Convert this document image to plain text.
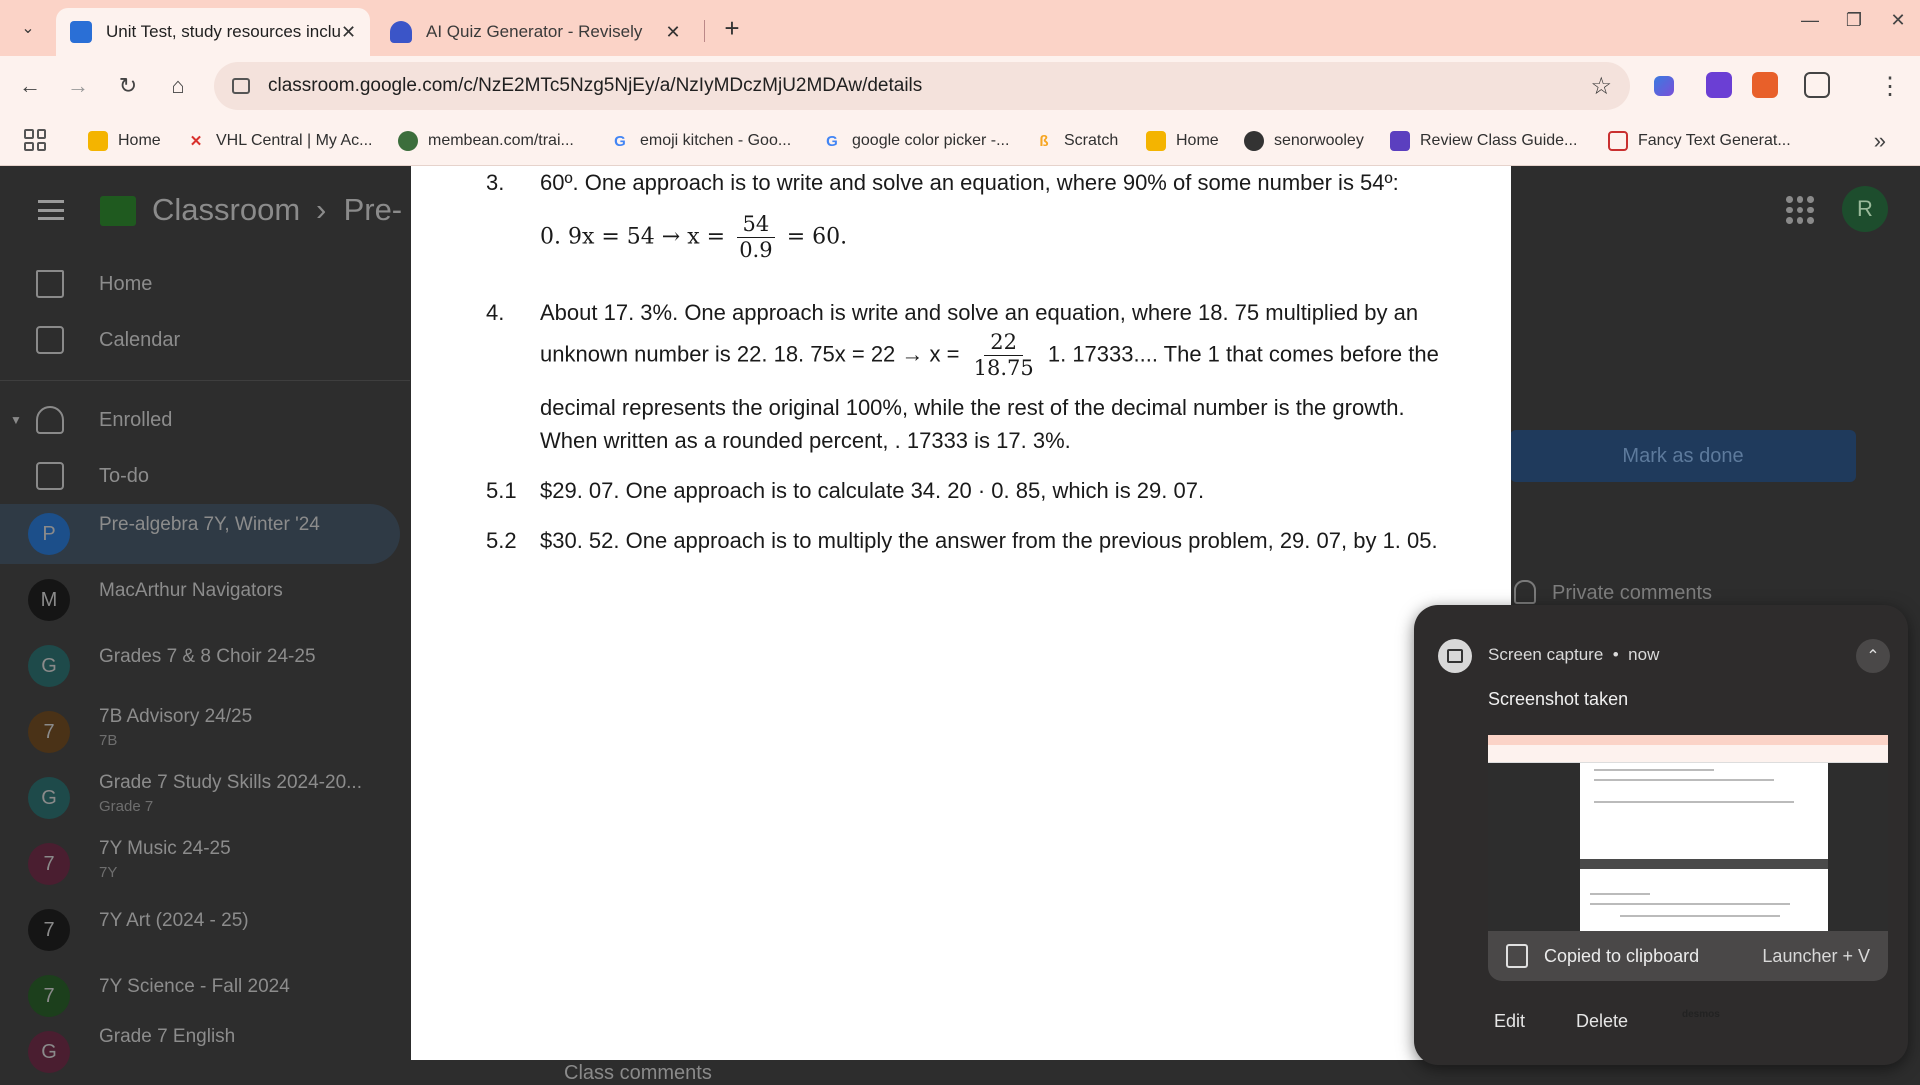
⌄	Unit Test, study resources inclu ✕	AI Quiz Generator - Revisely	✕	+	—	❐	✕
← →	↻	⌂	classroom.google.com/c/NzE2MTc5Nzg5NjEy/a/NzIyMDczMjU2MDAw/details	☆	⋮
Home ✕ VHL Central | My Ac...	membean.com/trai...	G emoji kitchen - Goo... G google color picker -...	ß Scratch	Home	senorwooley	Review Class Guide...	Fancy Text Generat...	»
Classroom ›  Pre-	R
Home
Calendar
▼	Enrolled
To-do
P Pre-algebra 7Y, Winter '24
M MacArthur Navigators
G Grades 7 & 8 Choir 24-25
7
7B Advisory 24/25
7B
G
Grade 7 Study Skills 2024-20...
Grade 7
7
7Y Music 24-25
7Y
7 7Y Art (2024 - 25)
7 7Y Science - Fall 2024
G
Grade 7 English
Mark as done
Private comments
Class comments
3. 60º. One approach is to write and solve an equation, where 90% of some number is 54º:
0. $9x = 54 \to x = \frac{54}{0.9} = 60$.
4. About 17. 3%. One approach is write and solve an equation, where 18. 75 multiplied by an
unknown number is 22. 18. $75x = 22 \to x = \frac{22}{18.75} 1$. 17333.... The 1 that comes before the
decimal represents the original 100%, while the rest of the decimal number is the growth.
When written as a rounded percent, . 17333 is 17. 3%.
5.1 $29. 07. One approach is to calculate 34. 20 · 0. 85, which is 29. 07.
5.2 $30. 52. One approach is to multiply the answer from the previous problem, 29. 07, by 1. 05.
Screen capture  •  now	⌃
Screenshot taken
desmos
Copied to clipboard	Launcher + V
Edit	Delete
